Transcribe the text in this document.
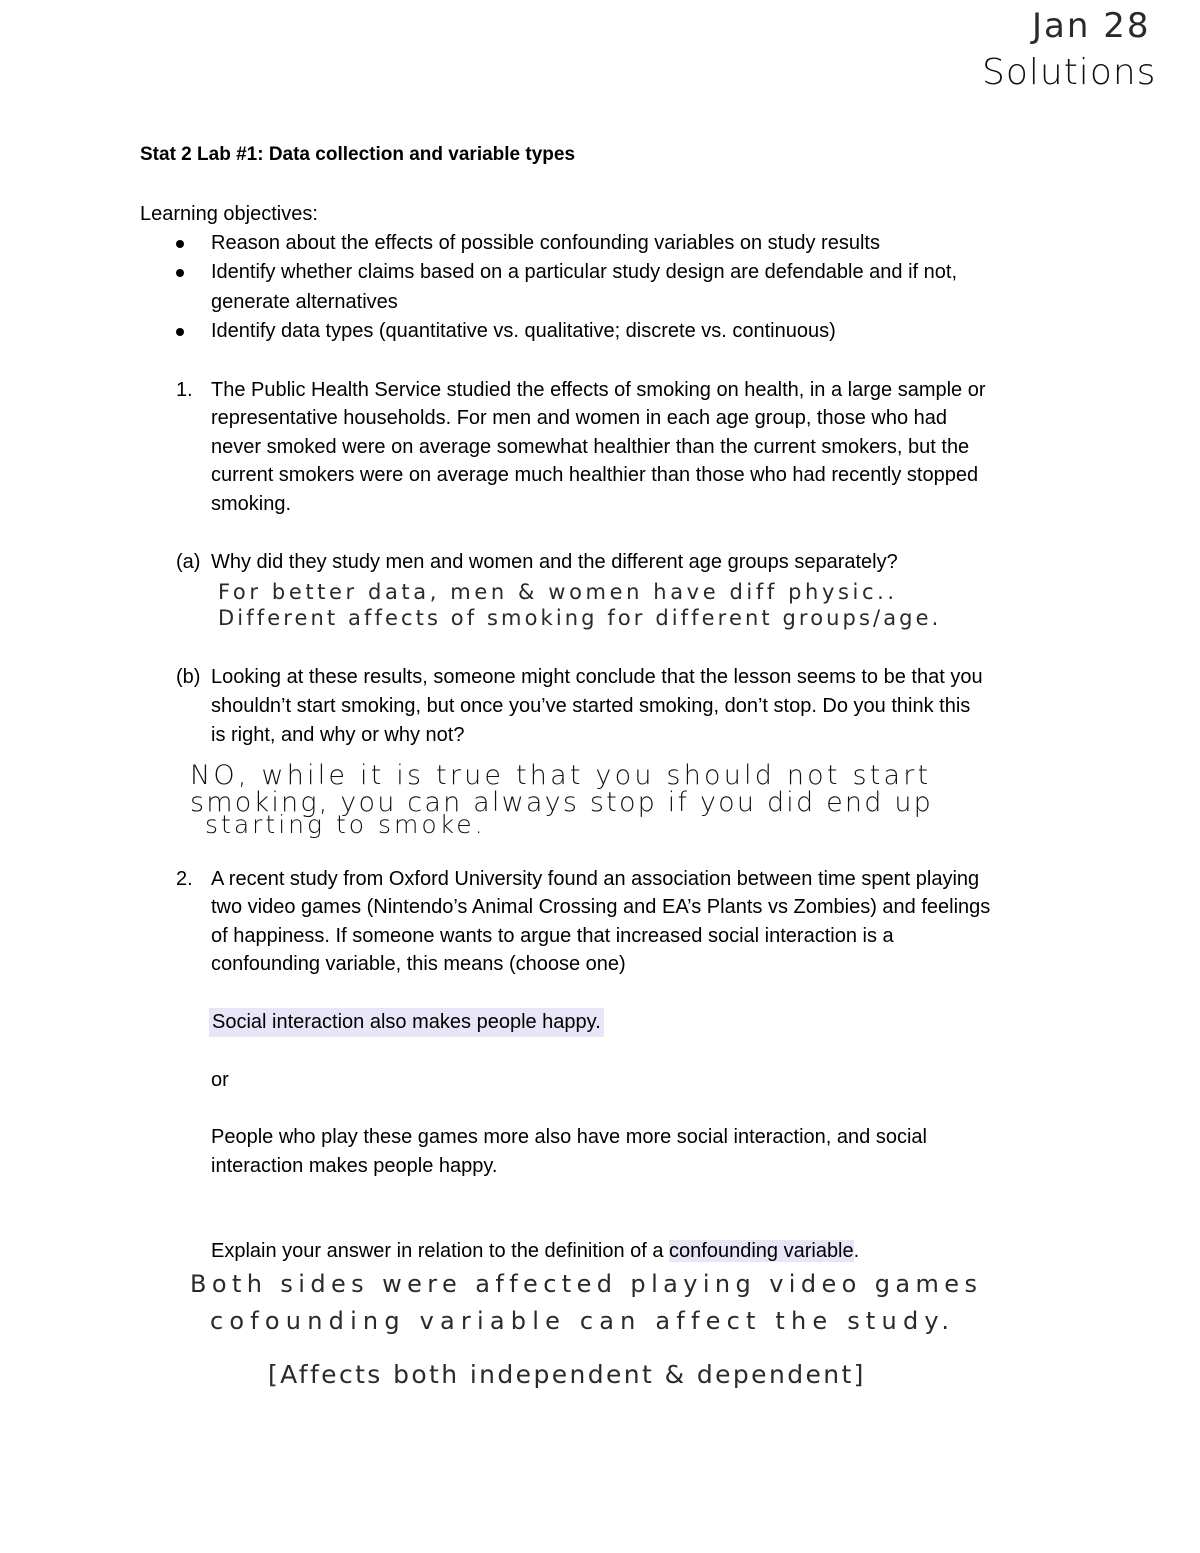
Jan 28
Solutions
Stat 2 Lab #1: Data collection and variable types
Learning objectives:
Reason about the effects of possible confounding variables on study results
Identify whether claims based on a particular study design are defendable and if not,
generate alternatives
Identify data types (quantitative vs. qualitative; discrete vs. continuous)
1. The Public Health Service studied the effects of smoking on health, in a large sample or
representative households. For men and women in each age group, those who had
never smoked were on average somewhat healthier than the current smokers, but the
current smokers were on average much healthier than those who had recently stopped
smoking.
(a) Why did they study men and women and the different age groups separately?
For better data, men & women have diff physic..
Different affects of smoking for different groups/age.
(b) Looking at these results, someone might conclude that the lesson seems to be that you
shouldn’t start smoking, but once you’ve started smoking, don’t stop. Do you think this
is right, and why or why not?
NO, while it is true that you should not start
smoking, you can always stop if you did end up
starting to smoke.
2. A recent study from Oxford University found an association between time spent playing
two video games (Nintendo’s Animal Crossing and EA’s Plants vs Zombies) and feelings
of happiness. If someone wants to argue that increased social interaction is a
confounding variable, this means (choose one)
Social interaction also makes people happy.
or
People who play these games more also have more social interaction, and social
interaction makes people happy.
Explain your answer in relation to the definition of a confounding variable.
Both sides were affected playing video games
cofounding variable can affect the study.
[Affects both independent & dependent]
